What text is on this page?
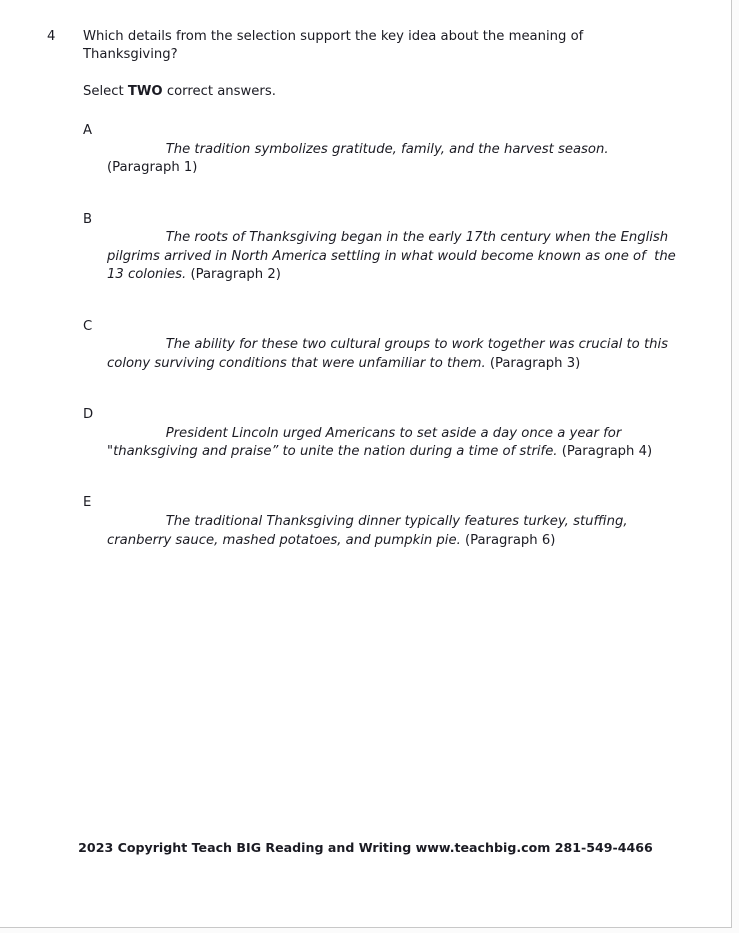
4	Which details from the selection support the key idea about the meaning of Thanksgiving?
Select TWO correct answers.
A

The tradition symbolizes gratitude, family, and the harvest season. (Paragraph 1)

B

The roots of Thanksgiving began in the early 17th century when the English pilgrims arrived in North America settling in what would become known as one of  the 13 colonies. (Paragraph 2)

C

The ability for these two cultural groups to work together was crucial to this colony surviving conditions that were unfamiliar to them. (Paragraph 3)

D

President Lincoln urged Americans to set aside a day once a year for "thanksgiving and praise” to unite the nation during a time of strife. (Paragraph 4)

E

The traditional Thanksgiving dinner typically features turkey, stuffing, cranberry sauce, mashed potatoes, and pumpkin pie. (Paragraph 6)

2023 Copyright Teach BIG Reading and Writing www.teachbig.com 281-549-4466
